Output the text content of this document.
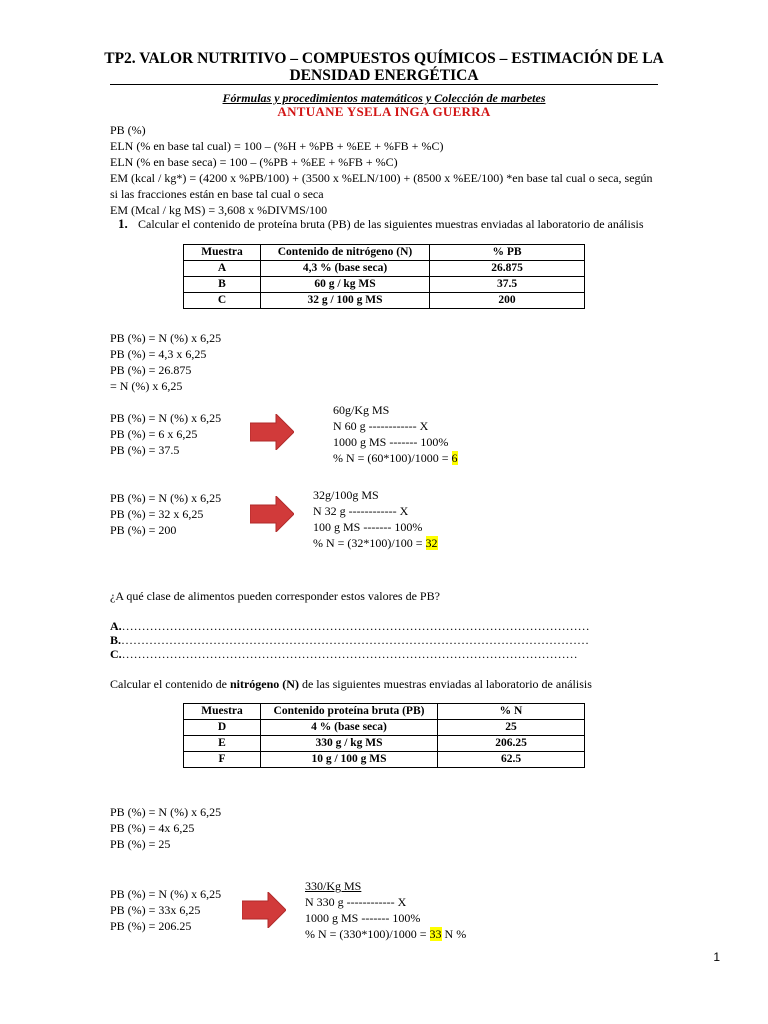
TP2. VALOR NUTRITIVO – COMPUESTOS QUÍMICOS – ESTIMACIÓN DE LA
DENSIDAD ENERGÉTICA
Fórmulas y procedimientos matemáticos y Colección de marbetes
ANTUANE YSELA INGA GUERRA
PB (%)
ELN (% en base tal cual) = 100 – (%H + %PB + %EE + %FB + %C)
ELN (% en base seca) = 100 – (%PB + %EE + %FB + %C)
EM (kcal / kg*) = (4200 x %PB/100) + (3500 x %ELN/100) + (8500 x %EE/100) *en base tal cual o seca, según si las fracciones están en base tal cual o seca
EM (Mcal / kg MS) = 3,608 x %DIVMS/100
1. Calcular el contenido de proteína bruta (PB) de las siguientes muestras enviadas al laboratorio de análisis
Muestra	Contenido de nitrógeno (N)	% PB
A	4,3 % (base seca)	26.875
B	60 g / kg MS	37.5
C	32 g / 100 g MS	200
PB (%) = N (%) x 6,25
PB (%) = 4,3 x 6,25
PB (%) = 26.875
= N (%) x 6,25
PB (%) = N (%) x 6,25
PB (%) = 6 x 6,25
PB (%) = 37.5
60g/Kg MS
N 60 g ------------ X
1000 g MS ------- 100%
% N = (60*100)/1000 = 6
PB (%) = N (%) x 6,25
PB (%) = 32 x 6,25
PB (%) = 200
32g/100g MS
N 32 g ------------ X
100 g MS ------- 100%
% N = (32*100)/100 = 32
¿A qué clase de alimentos pueden corresponder estos valores de PB?
A.………………………………………………………………………………………………………
B.………………………………………………………………………………………………………
C.……………………………………………………………………………………………………
Calcular el contenido de nitrógeno (N) de las siguientes muestras enviadas al laboratorio de análisis
Muestra	Contenido proteína bruta (PB)	% N
D	4 % (base seca)	25
E	330 g / kg MS	206.25
F	10 g / 100 g MS	62.5
PB (%) = N (%) x 6,25
PB (%) = 4x 6,25
PB (%) = 25
PB (%) = N (%) x 6,25
PB (%) = 33x 6,25
PB (%) = 206.25
330/Kg MS
N 330 g ------------ X
1000 g MS ------- 100%
% N = (330*100)/1000 = 33 N %
1
